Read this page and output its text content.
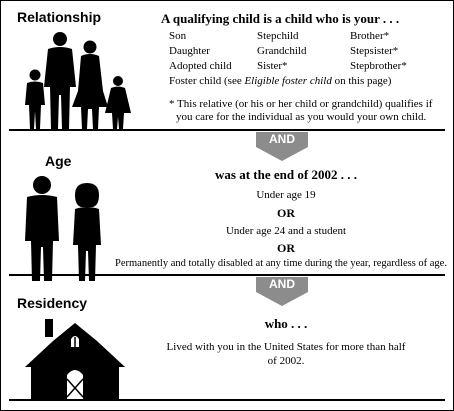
Relationship	A qualifying child is a child who is your . . .
Son
Daughter
Adopted child
Stepchild
Grandchild
Sister*
Brother*
Stepsister*
Stepbrother*
Foster child (see Eligible foster child on this page)
* This relative (or his or her child or grandchild) qualifies if
you care for the individual as you would your own child.
AND
Age
was at the end of 2002 . . .
Under age 19
OR
Under age 24 and a student
OR
Permanently and totally disabled at any time during the year, regardless of age.
AND
Residency
who . . .
Lived with you in the United States for more than half
of 2002.
